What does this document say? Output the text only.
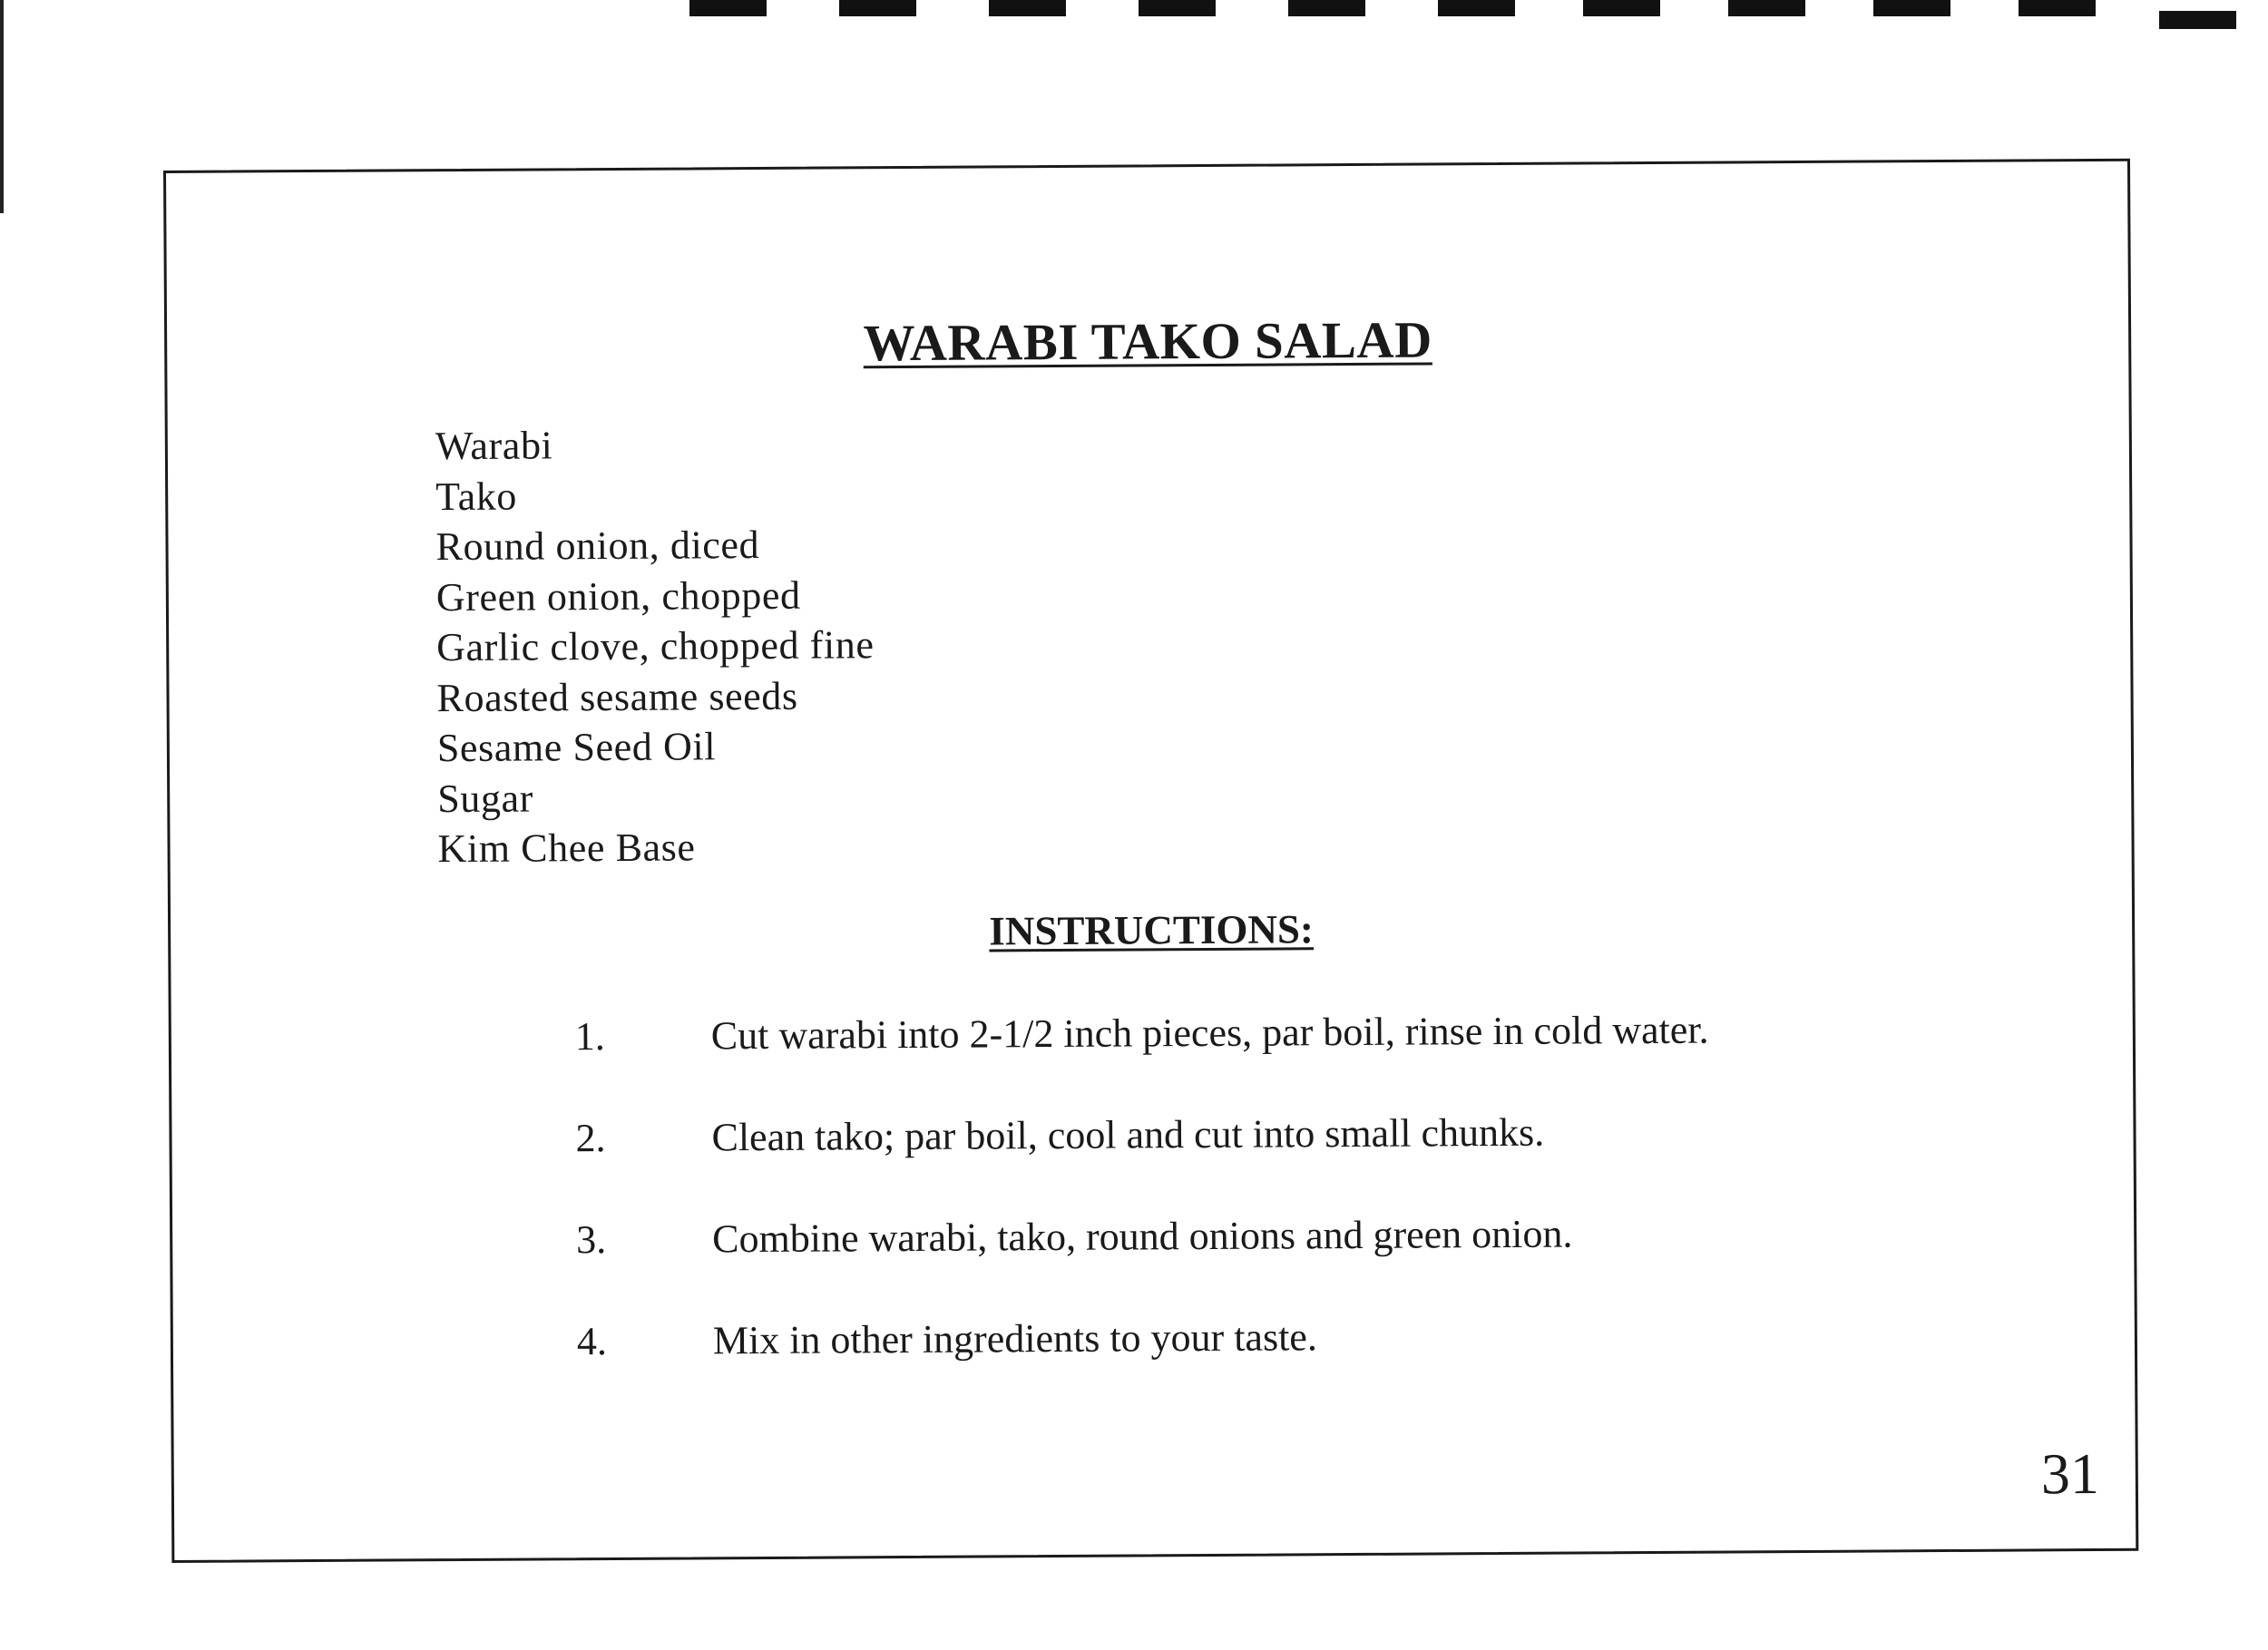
WARABI TAKO SALAD
Warabi
Tako
Round onion, diced
Green onion, chopped
Garlic clove, chopped fine
Roasted sesame seeds
Sesame Seed Oil
Sugar
Kim Chee Base
INSTRUCTIONS:
1.	Cut warabi into 2-1/2 inch pieces, par boil, rinse in cold water.
2.	Clean tako; par boil, cool and cut into small chunks.
3.	Combine warabi, tako, round onions and green onion.
4.	Mix in other ingredients to your taste.
31
